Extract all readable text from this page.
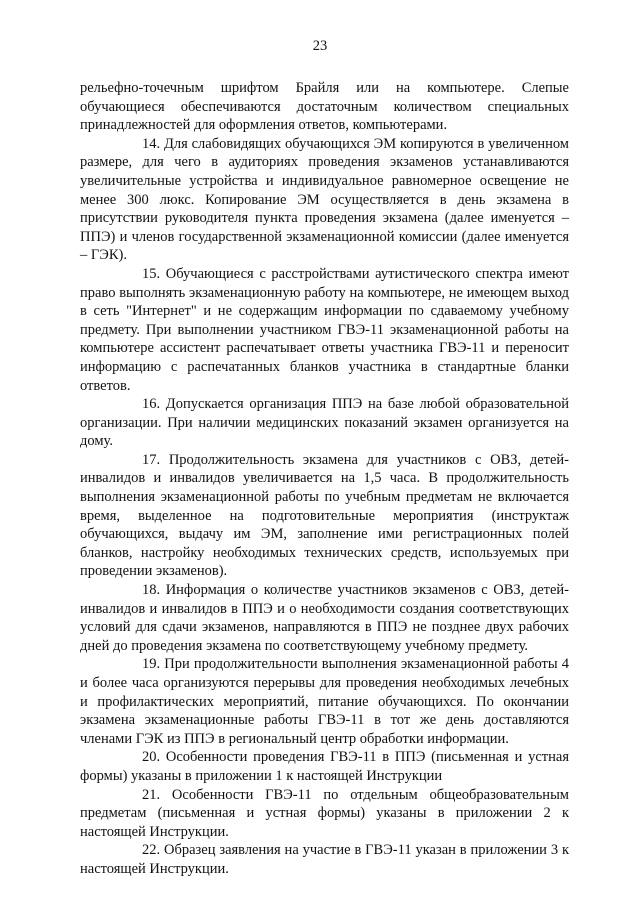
23

рельефно-точечным шрифтом Брайля или на компьютере. Слепые обучающиеся обеспечиваются достаточным количеством специальных принадлежностей для оформления ответов, компьютерами.

14. Для слабовидящих обучающихся ЭМ копируются в увеличенном размере, для чего в аудиториях проведения экзаменов устанавливаются увеличительные устройства и индивидуальное равномерное освещение не менее 300 люкс. Копирование ЭМ осуществляется в день экзамена в присутствии руководителя пункта проведения экзамена (далее именуется – ППЭ) и членов государственной экзаменационной комиссии (далее именуется – ГЭК).

15. Обучающиеся с расстройствами аутистического спектра имеют право выполнять экзаменационную работу на компьютере, не имеющем выход в сеть "Интернет" и не содержащим информации по сдаваемому учебному предмету. При выполнении участником ГВЭ-11 экзаменационной работы на компьютере ассистент распечатывает ответы участника ГВЭ-11 и переносит информацию с распечатанных бланков участника в стандартные бланки ответов.

16. Допускается организация ППЭ на базе любой образовательной организации. При наличии медицинских показаний экзамен организуется на дому.

17. Продолжительность экзамена для участников с ОВЗ, детей-инвалидов и инвалидов увеличивается на 1,5 часа. В продолжительность выполнения экзаменационной работы по учебным предметам не включается время, выделенное на подготовительные мероприятия (инструктаж обучающихся, выдачу им ЭМ, заполнение ими регистрационных полей бланков, настройку необходимых технических средств, используемых при проведении экзаменов).

18. Информация о количестве участников экзаменов с ОВЗ, детей-инвалидов и инвалидов в ППЭ и о необходимости создания соответствующих условий для сдачи экзаменов, направляются в ППЭ не позднее двух рабочих дней до проведения экзамена по соответствующему учебному предмету.

19. При продолжительности выполнения экзаменационной работы 4 и более часа организуются перерывы для проведения необходимых лечебных и профилактических мероприятий, питание обучающихся. По окончании экзамена экзаменационные работы ГВЭ-11 в тот же день доставляются членами ГЭК из ППЭ в региональный центр обработки информации.

20. Особенности проведения ГВЭ-11 в ППЭ (письменная и устная формы) указаны в приложении 1 к настоящей Инструкции

21. Особенности ГВЭ-11 по отдельным общеобразовательным предметам (письменная и устная формы) указаны в приложении 2 к настоящей Инструкции.

22. Образец заявления на участие в ГВЭ-11 указан в приложении 3 к настоящей Инструкции.
